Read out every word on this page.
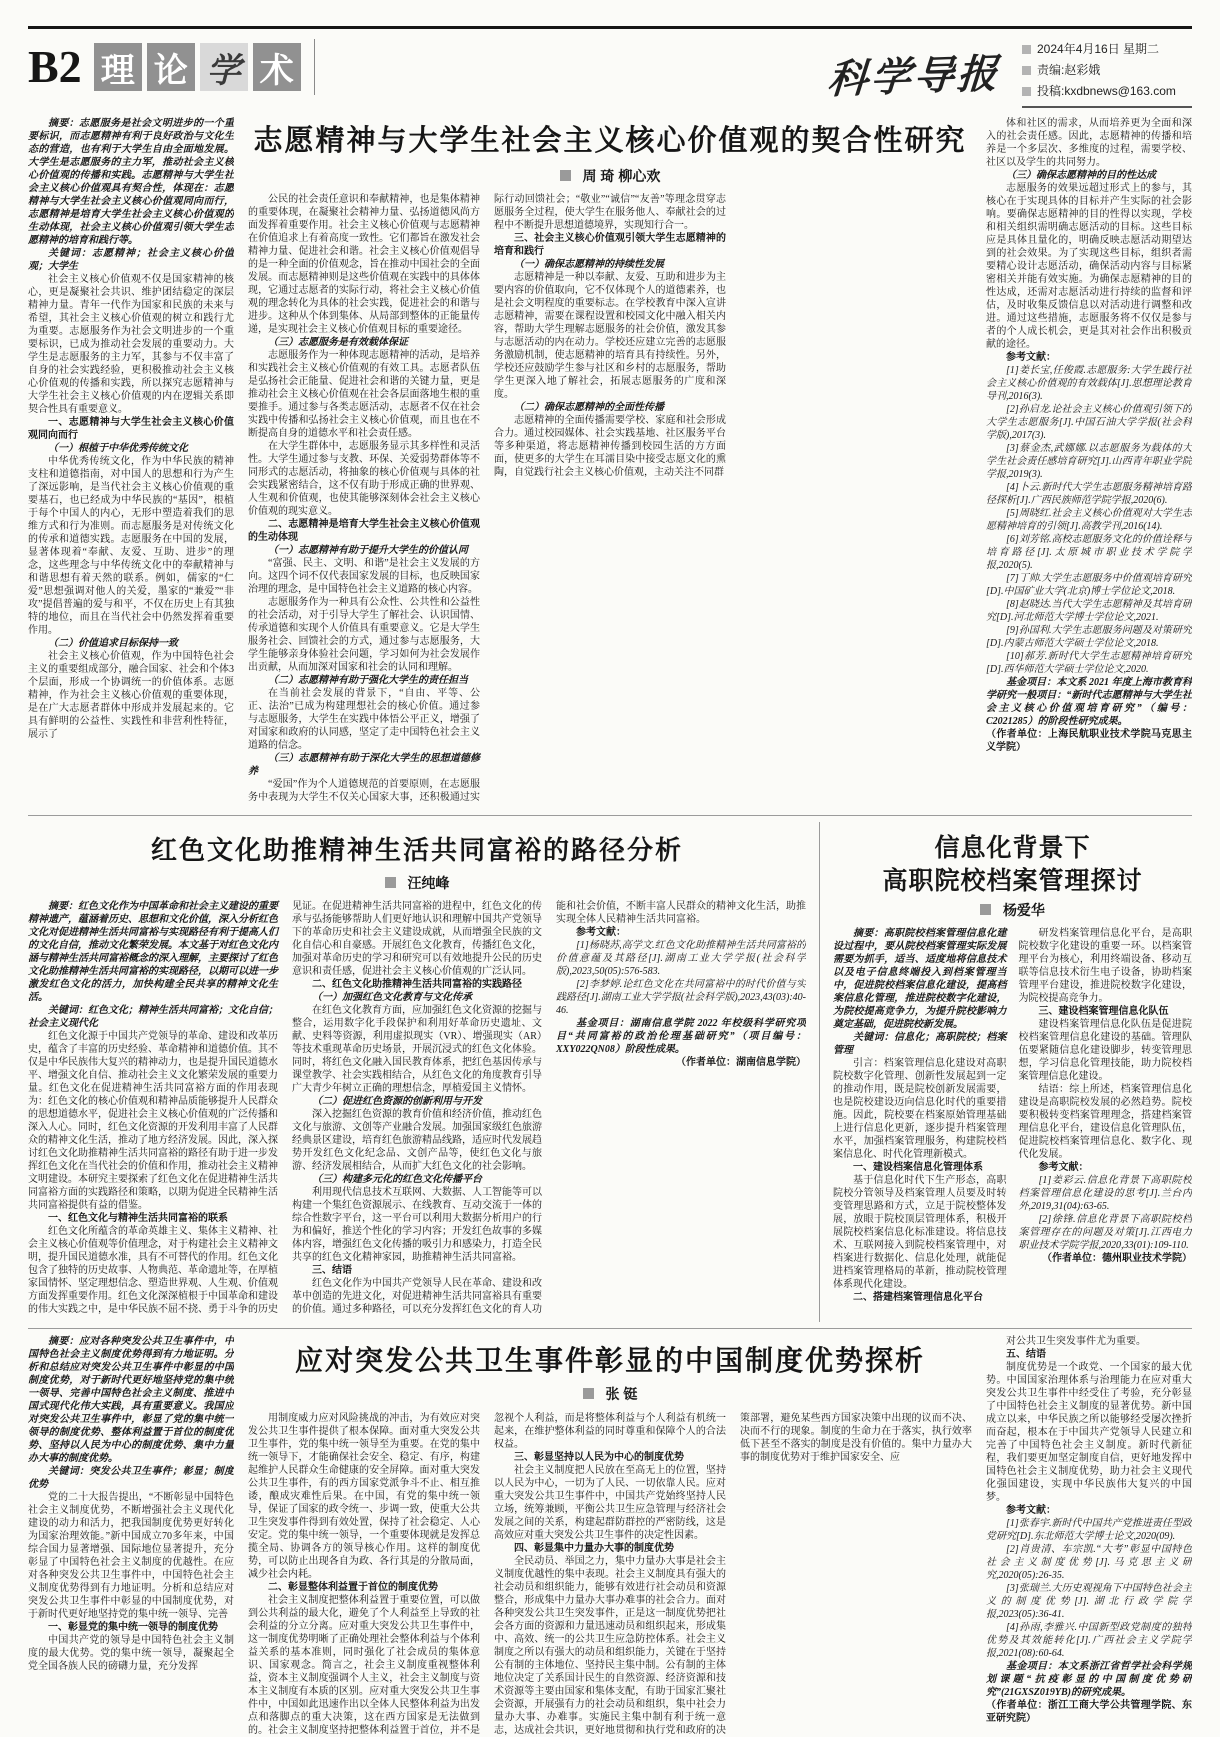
B2 理 论 学 术	科学导报
2024年4月16日 星期二
责编:赵彩娥
投稿:kxdbnews@163.com
摘要：志愿服务是社会文明进步的一个重要标识，而志愿精神有利于良好政治与文化生态的营造，也有利于大学生自由全面地发展。大学生是志愿服务的主力军，推动社会主义核心价值观的传播和实践。志愿精神与大学生社会主义核心价值观具有契合性，体现在：志愿精神与大学生社会主义核心价值观同向而行，志愿精神是培育大学生社会主义核心价值观的生动体现，社会主义核心价值观引领大学生志愿精神的培育和践行等。
关键词：志愿精神；社会主义核心价值观；大学生
社会主义核心价值观不仅是国家精神的核心，更是凝聚社会共识、维护团结稳定的深层精神力量。青年一代作为国家和民族的未来与希望，其社会主义核心价值观的树立和践行尤为重要。志愿服务作为社会文明进步的一个重要标识，已成为推动社会发展的重要动力。大学生是志愿服务的主力军，其参与不仅丰富了自身的社会实践经验，更积极推动社会主义核心价值观的传播和实践，所以探究志愿精神与大学生社会主义核心价值观的内在逻辑关系即契合性具有重要意义。
一、志愿精神与大学生社会主义核心价值观同向而行
（一）根植于中华优秀传统文化
中华优秀传统文化，作为中华民族的精神支柱和道德指南，对中国人的思想和行为产生了深远影响，是当代社会主义核心价值观的重要基石，也已经成为中华民族的“基因”，根植于每个中国人的内心，无形中塑造着我们的思维方式和行为准则。而志愿服务是对传统文化的传承和道德实践。志愿服务在中国的发展，显著体现着“奉献、友爱、互助、进步”的理念，这些理念与中华传统文化中的奉献精神与和谐思想有着天然的联系。例如，儒家的“仁爱”思想强调对他人的关爱，墨家的“兼爱”“非攻”提倡普遍的爱与和平，不仅在历史上有其独特的地位，而且在当代社会中仍然发挥着重要作用。
（二）价值追求目标保持一致
社会主义核心价值观，作为中国特色社会主义的重要组成部分，融合国家、社会和个体3个层面，形成一个协调统一的价值体系。志愿精神，作为社会主义核心价值观的重要体现，是在广大志愿者群体中形成并发展起来的。它具有鲜明的公益性、实践性和非营利性特征，展示了
志愿精神与大学生社会主义核心价值观的契合性研究
周 琦 柳心欢
公民的社会责任意识和奉献精神，也是集体精神的重要体现，在凝聚社会精神力量、弘扬道德风尚方面发挥着重要作用。社会主义核心价值观与志愿精神在价值追求上有着高度一致性。它们都旨在激发社会精神力量、促进社会和谐。社会主义核心价值观倡导的是一种全面的价值观念，旨在推动中国社会的全面发展。而志愿精神则是这些价值观在实践中的具体体现，它通过志愿者的实际行动，将社会主义核心价值观的理念转化为具体的社会实践，促进社会的和谐与进步。这种从个体到集体、从局部到整体的正能量传递，是实现社会主义核心价值观目标的重要途径。
（三）志愿服务是有效载体保证
志愿服务作为一种体现志愿精神的活动，是培养和实践社会主义核心价值观的有效工具。志愿者队伍是弘扬社会正能量、促进社会和谐的关键力量，更是推动社会主义核心价值观在社会各层面落地生根的重要推手。通过参与各类志愿活动，志愿者不仅在社会实践中传播和弘扬社会主义核心价值观，而且也在不断提高自身的道德水平和社会责任感。
在大学生群体中，志愿服务显示其多样性和灵活性。大学生通过参与支教、环保、关爱弱势群体等不同形式的志愿活动，将抽象的核心价值观与具体的社会实践紧密结合，这不仅有助于形成正确的世界观、人生观和价值观，也使其能够深刻体会社会主义核心价值观的现实意义。
二、志愿精神是培育大学生社会主义核心价值观的生动体现
（一）志愿精神有助于提升大学生的价值认同
“富强、民主、文明、和谐”是社会主义发展的方向。这四个词不仅代表国家发展的目标，也反映国家治理的理念，是中国特色社会主义道路的核心内容。
志愿服务作为一种具有公众性、公共性和公益性的社会活动，对于引导大学生了解社会、认识国情、传承道德和实现个人价值具有重要意义。它是大学生服务社会、回馈社会的方式，通过参与志愿服务，大学生能够亲身体验社会问题，学习如何为社会发展作出贡献，从而加深对国家和社会的认同和理解。
（二）志愿精神有助于强化大学生的责任担当
在当前社会发展的背景下，“自由、平等、公正、法治”已成为构建理想社会的核心价值。通过参与志愿服务，大学生在实践中体悟公平正义，增强了对国家和政府的认同感，坚定了走中国特色社会主义道路的信念。
（三）志愿精神有助于深化大学生的思想道德修养
“爱国”作为个人道德规范的首要原则，在志愿服务中表现为大学生不仅关心国家大事，还积极通过实际行动回馈社会；“敬业”“诚信”“友善”等理念贯穿志愿服务全过程，使大学生在服务他人、奉献社会的过程中不断提升思想道德境界，实现知行合一。
三、社会主义核心价值观引领大学生志愿精神的培育和践行
（一）确保志愿精神的持续性发展
志愿精神是一种以奉献、友爱、互助和进步为主要内容的价值取向，它不仅体现个人的道德素养，也是社会文明程度的重要标志。在学校教育中深入宣讲志愿精神，需要在课程设置和校园文化中融入相关内容，帮助大学生理解志愿服务的社会价值，激发其参与志愿活动的内在动力。学校还应建立完善的志愿服务激励机制，使志愿精神的培育具有持续性。另外，学校还应鼓励学生参与社区和乡村的志愿服务，帮助学生更深入地了解社会，拓展志愿服务的广度和深度。
（二）确保志愿精神的全面性传播
志愿精神的全面传播需要学校、家庭和社会形成合力。通过校园媒体、社会实践基地、社区服务平台等多种渠道，将志愿精神传播到校园生活的方方面面，使更多的大学生在耳濡目染中接受志愿文化的熏陶，自觉践行社会主义核心价值观，主动关注不同群
体和社区的需求，从而培养更为全面和深入的社会责任感。因此，志愿精神的传播和培养是一个多层次、多维度的过程，需要学校、社区以及学生的共同努力。
（三）确保志愿精神的目的性达成
志愿服务的效果远超过形式上的参与，其核心在于实现具体的目标并产生实际的社会影响。要确保志愿精神的目的性得以实现，学校和相关组织需明确志愿活动的目标。这些目标应是具体且量化的，明确反映志愿活动期望达到的社会效果。为了实现这些目标，组织者需要精心设计志愿活动，确保活动内容与目标紧密相关并能有效实施。为确保志愿精神的目的性达成，还需对志愿活动进行持续的监督和评估，及时收集反馈信息以对活动进行调整和改进。通过这些措施，志愿服务将不仅仅是参与者的个人成长机会，更是其对社会作出积极贡献的途径。
参考文献：
[1]姜长宝,任俊霞.志愿服务:大学生践行社会主义核心价值观的有效载体[J].思想理论教育导刊,2016(3).
[2]孙启龙.论社会主义核心价值观引领下的大学生志愿服务[J].中国石油大学学报(社会科学版),2017(3).
[3]蔡金杰,武娜娜.以志愿服务为载体的大学生社会责任感培育研究[J].山西青年职业学院学报,2019(3).
[4]卜云.新时代大学生志愿服务精神培育路径探析[J].广西民族师范学院学报,2020(6).
[5]周晓红.社会主义核心价值观对大学生志愿精神培育的引领[J].高教学刊,2016(14).
[6]刘芳铭.高校志愿服务文化的价值诠释与培育路径[J].太原城市职业技术学院学报,2020(5).
[7]丁帅.大学生志愿服务中价值观培育研究[D].中国矿业大学(北京)博士学位论文,2018.
[8]赵晓达.当代大学生志愿精神及其培育研究[D].河北师范大学博士学位论文,2021.
[9]孙国利.大学生志愿服务问题及对策研究[D].内蒙古师范大学硕士学位论文,2018.
[10]郝芳.新时代大学生志愿精神培育研究[D].西华师范大学硕士学位论文,2020.
基金项目：本文系 2021 年度上海市教育科学研究一般项目：“新时代志愿精神与大学生社会主义核心价值观培育研究”（编号：C2021285）的阶段性研究成果。
（作者单位：上海民航职业技术学院马克思主义学院）
红色文化助推精神生活共同富裕的路径分析
汪纯峰
摘要：红色文化作为中国革命和社会主义建设的重要精神遗产，蕴涵着历史、思想和文化价值，深入分析红色文化对促进精神生活共同富裕与实现路径有利于提高人们的文化自信，推动文化繁荣发展。本文基于对红色文化内涵与精神生活共同富裕概念的深入理解，主要探讨了红色文化助推精神生活共同富裕的实现路径，以期可以进一步激发红色文化的活力，加快构建全民共享的精神文化生活。
关键词：红色文化；精神生活共同富裕；文化自信；社会主义现代化
红色文化源于中国共产党领导的革命、建设和改革历史，蕴含了丰富的历史经验、革命精神和道德价值。其不仅是中华民族伟大复兴的精神动力，也是提升国民道德水平、增强文化自信、推动社会主义文化繁荣发展的重要力量。红色文化在促进精神生活共同富裕方面的作用表现为：红色文化的核心价值观和精神品质能够提升人民群众的思想道德水平，促进社会主义核心价值观的广泛传播和深入人心。同时，红色文化资源的开发利用丰富了人民群众的精神文化生活，推动了地方经济发展。因此，深入探讨红色文化助推精神生活共同富裕的路径有助于进一步发挥红色文化在当代社会的价值和作用，推动社会主义精神文明建设。本研究主要探索了红色文化在促进精神生活共同富裕方面的实践路径和策略，以期为促进全民精神生活共同富裕提供有益的借鉴。
一、红色文化与精神生活共同富裕的联系
红色文化所蕴含的革命英雄主义、集体主义精神、社会主义核心价值观等价值理念，对于构建社会主义精神文明，提升国民道德水准，具有不可替代的作用。红色文化包含了独特的历史故事、人物典范、革命遗址等，在厚植家国情怀、坚定理想信念、塑造世界观、人生观、价值观方面发挥重要作用。红色文化深深植根于中国革命和建设的伟大实践之中，是中华民族不屈不挠、勇于斗争的历史见证。在促进精神生活共同富裕的进程中，红色文化的传承与弘扬能够帮助人们更好地认识和理解中国共产党领导下的革命历史和社会主义建设成就，从而增强全民族的文化自信心和自豪感。开展红色文化教育，传播红色文化，加强对革命历史的学习和研究可以有效地提升公民的历史意识和责任感，促进社会主义核心价值观的广泛认同。
二、红色文化助推精神生活共同富裕的实践路径
（一）加强红色文化教育与文化传承
在红色文化教育方面，应加强红色文化资源的挖掘与整合，运用数字化手段保护和利用好革命历史遗址、文献、史料等资源，利用虚拟现实（VR）、增强现实（AR）等技术重现革命历史场景，开展沉浸式的红色文化体验。同时，将红色文化融入国民教育体系，把红色基因传承与课堂教学、社会实践相结合，从红色文化的角度教育引导广大青少年树立正确的理想信念，厚植爱国主义情怀。
（二）促进红色资源的创新利用与开发
深入挖掘红色资源的教育价值和经济价值，推动红色文化与旅游、文创等产业融合发展。加强国家级红色旅游经典景区建设，培育红色旅游精品线路，适应时代发展趋势开发红色文化纪念品、文创产品等，使红色文化与旅游、经济发展相结合，从而扩大红色文化的社会影响。
（三）构建多元化的红色文化传播平台
利用现代信息技术互联网、大数据、人工智能等可以构建一个集红色资源展示、在线教育、互动交流于一体的综合性数字平台，这一平台可以利用大数据分析用户的行为和偏好，推送个性化的学习内容；开发红色故事的多媒体内容，增强红色文化传播的吸引力和感染力，打造全民共享的红色文化精神家园，助推精神生活共同富裕。
三、结语
红色文化作为中国共产党领导人民在革命、建设和改革中创造的先进文化，对促进精神生活共同富裕具有重要的价值。通过多种路径，可以充分发挥红色文化的育人功能和社会价值，不断丰富人民群众的精神文化生活，助推实现全体人民精神生活共同富裕。
参考文献：
[1]杨晓苏,高学文.红色文化助推精神生活共同富裕的价值意蕴及其路径[J].湖南工业大学学报(社会科学版),2023,50(05):576-583.
[2]李梦婷.论红色文化在共同富裕中的时代价值与实践路径[J].湖南工业大学学报(社会科学版),2023,43(03):40-46.
基金项目：湖南信息学院 2022 年校级科学研究项目“共同富裕的政治伦理基础研究”（项目编号：XXY022QN08）阶段性成果。
（作者单位：湖南信息学院）
信息化背景下
高职院校档案管理探讨
杨爱华
摘要：高职院校档案管理信息化建设过程中，要从院校档案管理实际发展需要为抓手，适当、适度地将信息技术以及电子信息终端投入到档案管理当中，促进院校档案信息化建设，提高档案信息化管理，推进院校数字化建设，为院校提高竞争力，为提升院校影响力奠定基础，促进院校新发展。
关键词：信息化；高职院校；档案管理
引言：档案管理信息化建设对高职院校数字化管理、创新性发展起到一定的推动作用，既是院校创新发展需要，也是院校建设迈向信息化时代的重要措施。因此，院校要在档案原始管理基础上进行信息化更新，逐步提升档案管理水平，加强档案管理服务，构建院校档案信息化、时代化管理新模式。
一、建设档案信息化管理体系
基于信息化时代下生产形态，高职院校分管领导及档案管理人员要及时转变管理思路和方式，立足于院校整体发展，放眼于院校顶层管理体系，积极开展院校档案信息化标准建设。将信息技术、互联网接入到院校档案管理中，对档案进行数据化、信息化处理，就能促进档案管理格局的革新，推动院校管理体系现代化建设。
二、搭建档案管理信息化平台
研发档案管理信息化平台，是高职院校数字化建设的重要一环。以档案管理平台为核心，利用终端设备、移动互联等信息技术衍生电子设备，协助档案管理平台建设，推进院校数字化建设，为院校提高竞争力。
三、建设档案管理信息化队伍
建设档案管理信息化队伍是促进院校档案管理信息化建设的基础。管理队伍要紧随信息化建设脚步，转变管理思想，学习信息化管理技能，助力院校档案管理信息化建设。
结语：综上所述，档案管理信息化建设是高职院校发展的必然趋势。院校要积极转变档案管理理念，搭建档案管理信息化平台，建设信息化管理队伍，促进院校档案管理信息化、数字化、现代化发展。
参考文献：
[1]姜彩云.信息化背景下高职院校档案管理信息化建设的思考[J].兰台内外,2019,31(04):63-65.
[2]徐锋.信息化背景下高职院校档案管理存在的问题及对策[J].江西电力职业技术学院学报,2020,33(01):109-110.
（作者单位：德州职业技术学院）
摘要：应对各种突发公共卫生事件中，中国特色社会主义制度优势得到有力地证明。分析和总结应对突发公共卫生事件中彰显的中国制度优势，对于新时代更好地坚持党的集中统一领导、完善中国特色社会主义制度、推进中国式现代化伟大实践，具有重要意义。我国应对突发公共卫生事件中，彰显了党的集中统一领导的制度优势、整体利益置于首位的制度优势、坚持以人民为中心的制度优势、集中力量办大事的制度优势。
关键词：突发公共卫生事件；彰显；制度优势
党的二十大报告提出，“不断彰显中国特色社会主义制度优势，不断增强社会主义现代化建设的动力和活力，把我国制度优势更好转化为国家治理效能。”新中国成立70多年来，中国综合国力显著增强、国际地位显著提升，充分彰显了中国特色社会主义制度的优越性。在应对各种突发公共卫生事件中，中国特色社会主义制度优势得到有力地证明。分析和总结应对突发公共卫生事件中彰显的中国制度优势，对于新时代更好地坚持党的集中统一领导、完善
一、彰显党的集中统一领导的制度优势
中国共产党的领导是中国特色社会主义制度的最大优势。党的集中统一领导，凝聚起全党全国各族人民的磅礴力量，充分发挥
应对突发公共卫生事件彰显的中国制度优势探析
张 铤
用制度威力应对风险挑战的冲击，为有效应对突发公共卫生事件提供了根本保障。面对重大突发公共卫生事件，党的集中统一领导至为重要。在党的集中统一领导下，才能确保社会安全、稳定、有序，构建起维护人民群众生命健康的安全屏障。面对重大突发公共卫生事件，有的西方国家党派争斗不止、相互推诿，酿成灾难性后果。在中国，有党的集中统一领导，保证了国家的政令统一、步调一致，使重大公共卫生突发事件得到有效处置，保持了社会稳定、人心安定。党的集中统一领导，一个重要体现就是发挥总揽全局、协调各方的领导核心作用。这样的制度优势，可以防止出现各自为政、各行其是的分散局面，减少社会内耗。
二、彰显整体利益置于首位的制度优势
社会主义制度把整体利益置于重要位置，可以做到公共利益的最大化，避免了个人利益至上导致的社会利益的分立分离。应对重大突发公共卫生事件中，这一制度优势明晰了正确处理社会整体利益与个体利益关系的基本准则，同时强化了社会成员的集体意识、国家观念。简言之，社会主义制度重视整体利益，资本主义制度强调个人主义，社会主义制度与资本主义制度有本质的区别。应对重大突发公共卫生事件中，中国如此迅速作出以全体人民整体利益为出发点和落脚点的重大决策，这在西方国家是无法做到的。社会主义制度坚持把整体利益置于首位，并不是忽视个人利益，而是将整体利益与个人利益有机统一起来，在维护整体利益的同时尊重和保障个人的合法权益。
三、彰显坚持以人民为中心的制度优势
社会主义制度把人民放在至高无上的位置，坚持以人民为中心，一切为了人民、一切依靠人民。应对重大突发公共卫生事件中，中国共产党始终坚持人民立场，统筹兼顾，平衡公共卫生应急管理与经济社会发展之间的关系，构建起群防群控的严密防线，这是高效应对重大突发公共卫生事件的决定性因素。
四、彰显集中力量办大事的制度优势
全民动员、举国之力，集中力量办大事是社会主义制度优越性的集中表现。社会主义制度具有强大的社会动员和组织能力，能够有效进行社会动员和资源整合，形成集中力量办大事办难事的社会合力。面对各种突发公共卫生突发事件，正是这一制度优势把社会各方面的资源和力量迅速动员和组织起来，形成集中、高效、统一的公共卫生应急防控体系。社会主义制度之所以有强大的动员和组织能力，关键在于坚持公有制的主体地位、坚持民主集中制。公有制的主体地位决定了关系国计民生的自然资源、经济资源和技术资源等主要由国家和集体支配，有助于国家汇聚社会资源，开展强有力的社会动员和组织，集中社会力量办大事、办难事。实施民主集中制有利于统一意志，达成社会共识，更好地贯彻和执行党和政府的决策部署，避免某些西方国家决策中出现的议而不决、决而不行的现象。制度的生命力在于落实，执行效率低下甚至不落实的制度是没有价值的。集中力量办大事的制度优势对于维护国家安全、应
对公共卫生突发事件尤为重要。
五、结语
制度优势是一个政党、一个国家的最大优势。中国国家治理体系与治理能力在应对重大突发公共卫生事件中经受住了考验，充分彰显了中国特色社会主义制度的显著优势。新中国成立以来，中华民族之所以能够经受屡次挫折而奋起，根本在于中国共产党领导人民建立和完善了中国特色社会主义制度。新时代新征程，我们要更加坚定制度自信，更好地发挥中国特色社会主义制度优势，助力社会主义现代化强国建设，实现中华民族伟大复兴的中国梦。
参考文献：
[1]张春宇.新时代中国共产党推进责任型政党研究[D].东北师范大学博士论文,2020(09).
[2]肖贵清、车宗凯.“大考”彰显中国特色社会主义制度优势[J].马克思主义研究,2020(05):26-35.
[3]张瑞兰.大历史观视角下中国特色社会主义的制度优势[J].湖北行政学院学报,2023(05):36-41.
[4]孙雨,李雅兴.中国新型政党制度的独特优势及其效能转化[J].广西社会主义学院学报,2021(08):60-64.
基金项目：本文系浙江省哲学社会科学规划课题“抗疫彰显的中国制度优势研究”(21GXSZ019YB)的研究成果。
（作者单位：浙江工商大学公共管理学院、东亚研究院）
